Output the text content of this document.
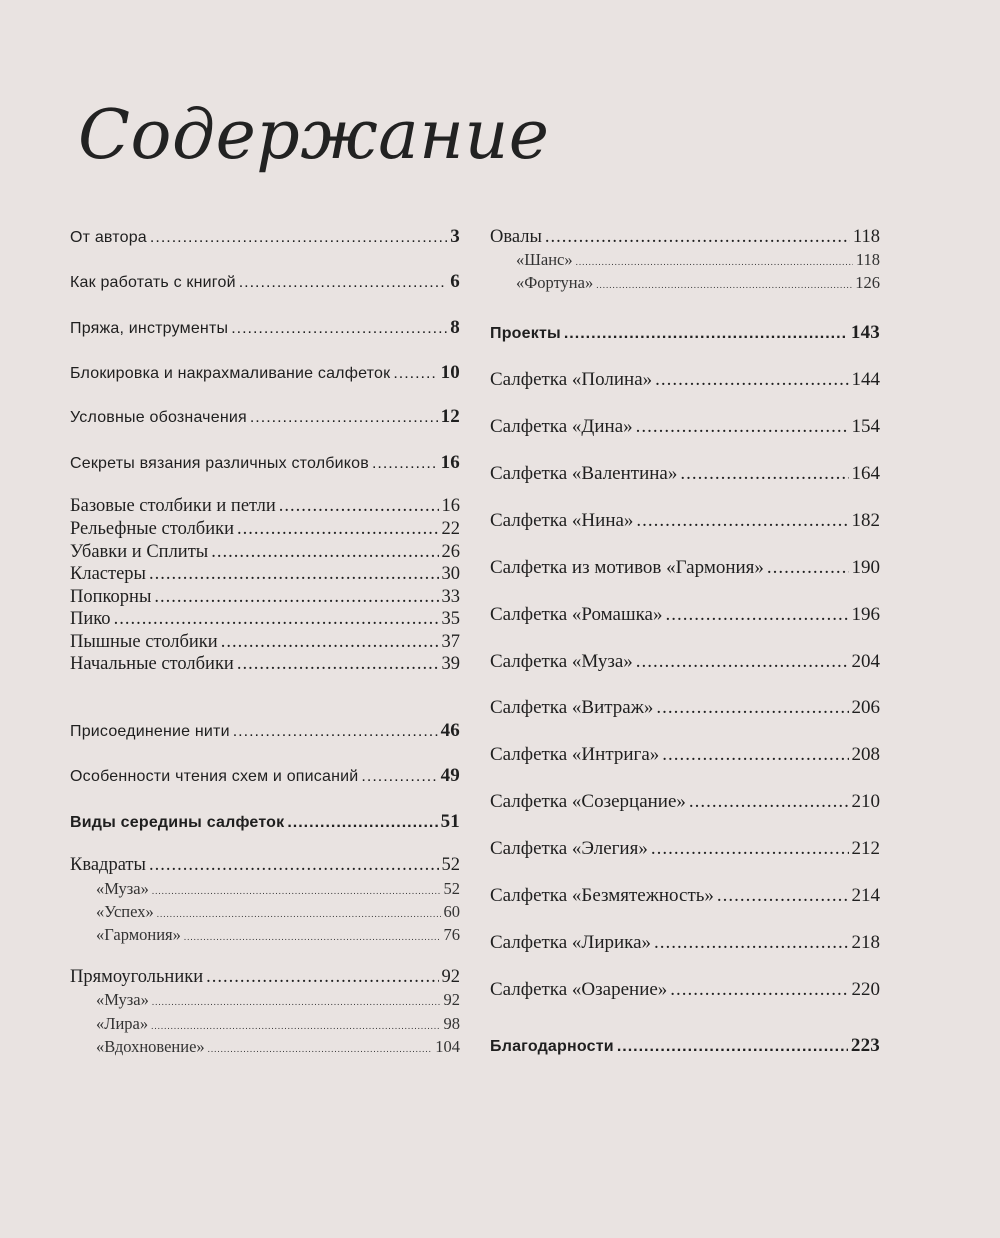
Содержание
От автора .....	3
Как работать с книгой .....	6
Пряжа, инструменты .....	8
Блокировка и накрахмаливание салфеток .....	10
Условные обозначения .....	12
Секреты вязания различных столбиков .....	16
Базовые столбики и петли .....	16
Рельефные столбики .....	22
Убавки и Сплиты .....	26
Кластеры .....	30
Попкорны .....	33
Пико .....	35
Пышные столбики .....	37
Начальные столбики .....	39
Присоединение нити .....	46
Особенности чтения схем и описаний .....	49
Виды середины салфеток .....	51
Квадраты .....	52
«Муза» .....	52
«Успех» .....	60
«Гармония» .....	76
Прямоугольники .....	92
«Муза» .....	92
«Лира» .....	98
«Вдохновение» .....	104
Овалы .....	118
«Шанс» .....	118
«Фортуна» .....	126
Проекты .....	143
Салфетка «Полина» .....	144
Салфетка «Дина» .....	154
Салфетка «Валентина» .....	164
Салфетка «Нина» .....	182
Салфетка из мотивов «Гармония» .....	190
Салфетка «Ромашка» .....	196
Салфетка «Муза» .....	204
Салфетка «Витраж» .....	206
Салфетка «Интрига» .....	208
Салфетка «Созерцание» .....	210
Салфетка «Элегия» .....	212
Салфетка «Безмятежность» .....	214
Салфетка «Лирика» .....	218
Салфетка «Озарение» .....	220
Благодарности .....	223
